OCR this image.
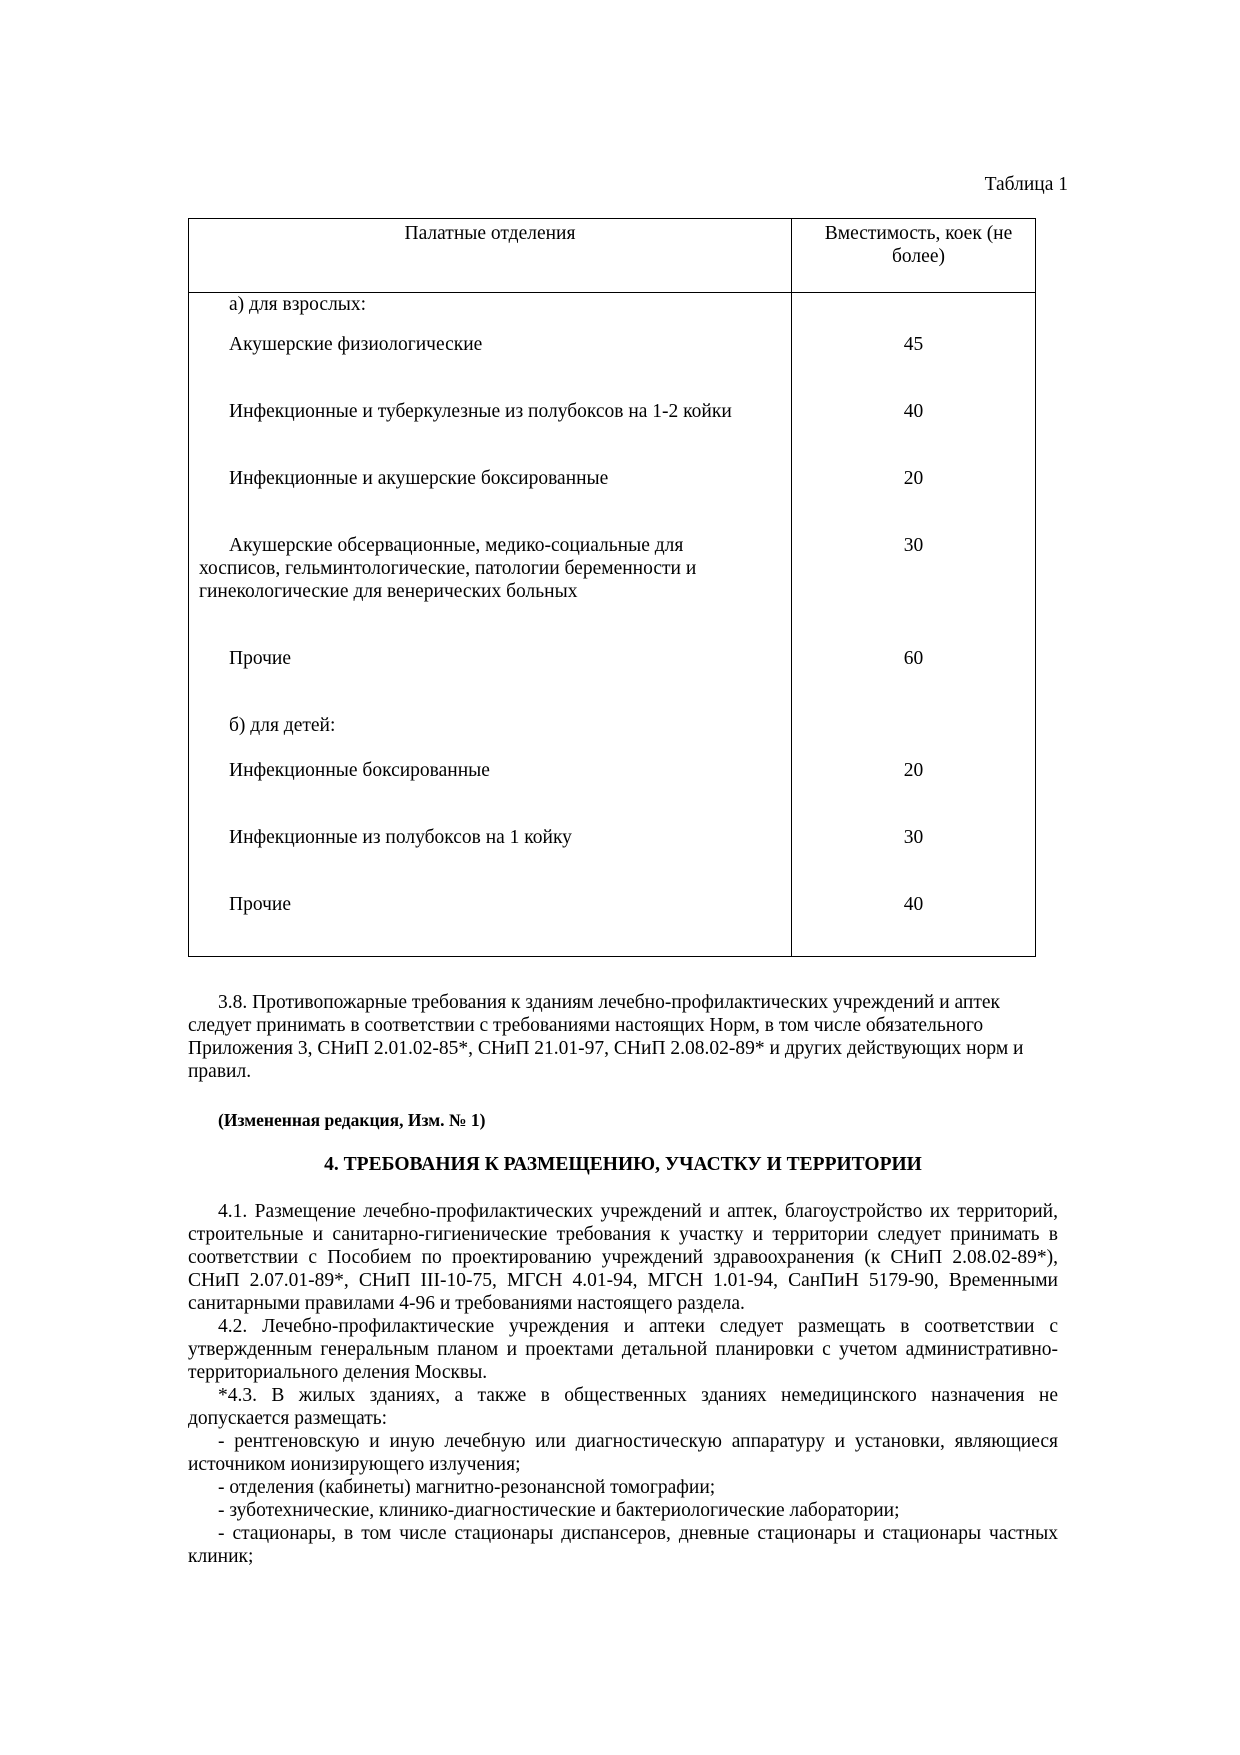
Таблица 1
Палатные отделения	Вместимость, коек (не более)
а) для взрослых:	
Акушерские физиологические	45
Инфекционные и туберкулезные из полубоксов на 1-2 койки	40
Инфекционные и акушерские боксированные	20
Акушерские обсервационные, медико-социальные для хосписов, гельминтологические, патологии беременности и гинекологические для венерических больных	30
Прочие	60
б) для детей:	
Инфекционные боксированные	20
Инфекционные из полубоксов на 1 койку	30
Прочие	40

3.8. Противопожарные требования к зданиям лечебно-профилактических учреждений и аптек следует принимать в соответствии с требованиями настоящих Норм, в том числе обязательного Приложения 3, СНиП 2.01.02-85*, СНиП 21.01-97, СНиП 2.08.02-89* и других действующих норм и правил.

(Измененная редакция, Изм. № 1)

4. ТРЕБОВАНИЯ К РАЗМЕЩЕНИЮ, УЧАСТКУ И ТЕРРИТОРИИ

4.1. Размещение лечебно-профилактических учреждений и аптек, благоустройство их территорий, строительные и санитарно-гигиенические требования к участку и территории следует принимать в соответствии с Пособием по проектированию учреждений здравоохранения (к СНиП 2.08.02-89*), СНиП 2.07.01-89*, СНиП III-10-75, МГСН 4.01-94, МГСН 1.01-94, СанПиН 5179-90, Временными санитарными правилами 4-96 и требованиями настоящего раздела.

4.2. Лечебно-профилактические учреждения и аптеки следует размещать в соответствии с утвержденным генеральным планом и проектами детальной планировки с учетом административно-территориального деления Москвы.

*4.3. В жилых зданиях, а также в общественных зданиях немедицинского назначения не допускается размещать:

- рентгеновскую и иную лечебную или диагностическую аппаратуру и установки, являющиеся источником ионизирующего излучения;

- отделения (кабинеты) магнитно-резонансной томографии;

- зуботехнические, клинико-диагностические и бактериологические лаборатории;

- стационары, в том числе стационары диспансеров, дневные стационары и стационары частных клиник;
